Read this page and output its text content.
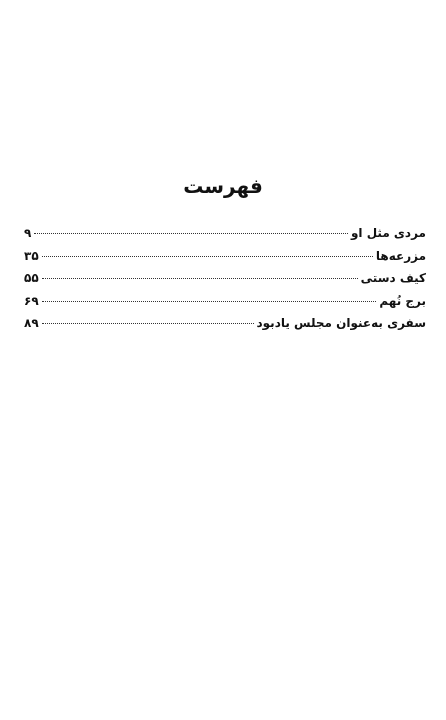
فهرست
مردی مثل او
۹
مزرعه‌ها
۳۵
کیف دستی
۵۵
برج نُهم
۶۹
سفری به‌عنوان مجلس یادبود
۸۹
